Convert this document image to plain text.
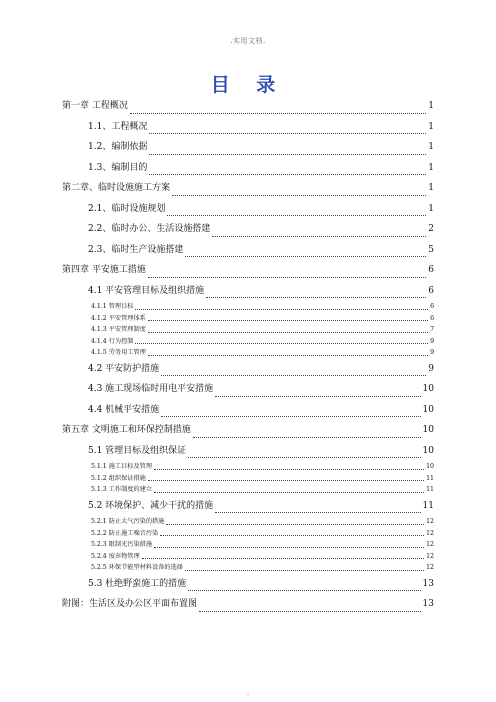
.实用文档.
目 录
第一章 工程概况	1
1.1、工程概况	1
1.2、编制依据	1
1.3、编制目的	1
第二章、临时设施施工方案	1
2.1、临时设施规划	1
2.2、临时办公、生活设施搭建	2
2.3、临时生产设施搭建	5
第四章 平安施工措施	6
4.1 平安管理目标及组织措施	6
4.1.1 管理目标	6
4.1.2 平安管理体系	6
4.1.3 平安管理制度	7
4.1.4 行为控制	9
4.1.5 劳务用工管理	9
4.2 平安防护措施	9
4.3 施工现场临时用电平安措施	10
4.4 机械平安措施	10
第五章 文明施工和环保控制措施	10
5.1 管理目标及组织保证	10
5.1.1 施工目标及管理	10
5.1.2 组织保证措施	11
5.1.3 工作制度的建立	11
5.2 环境保护、减少干扰的措施	11
5.2.1 防止大气污染的措施	12
5.2.2 防止施工噪音污染	12
5.2.3 限制光污染措施	12
5.2.4 废弃物管理	12
5.2.5 环保节能型材料设备的选择	12
5.3 杜绝野蛮施工的措施	13
附图：生活区及办公区平面布置图	13
.
